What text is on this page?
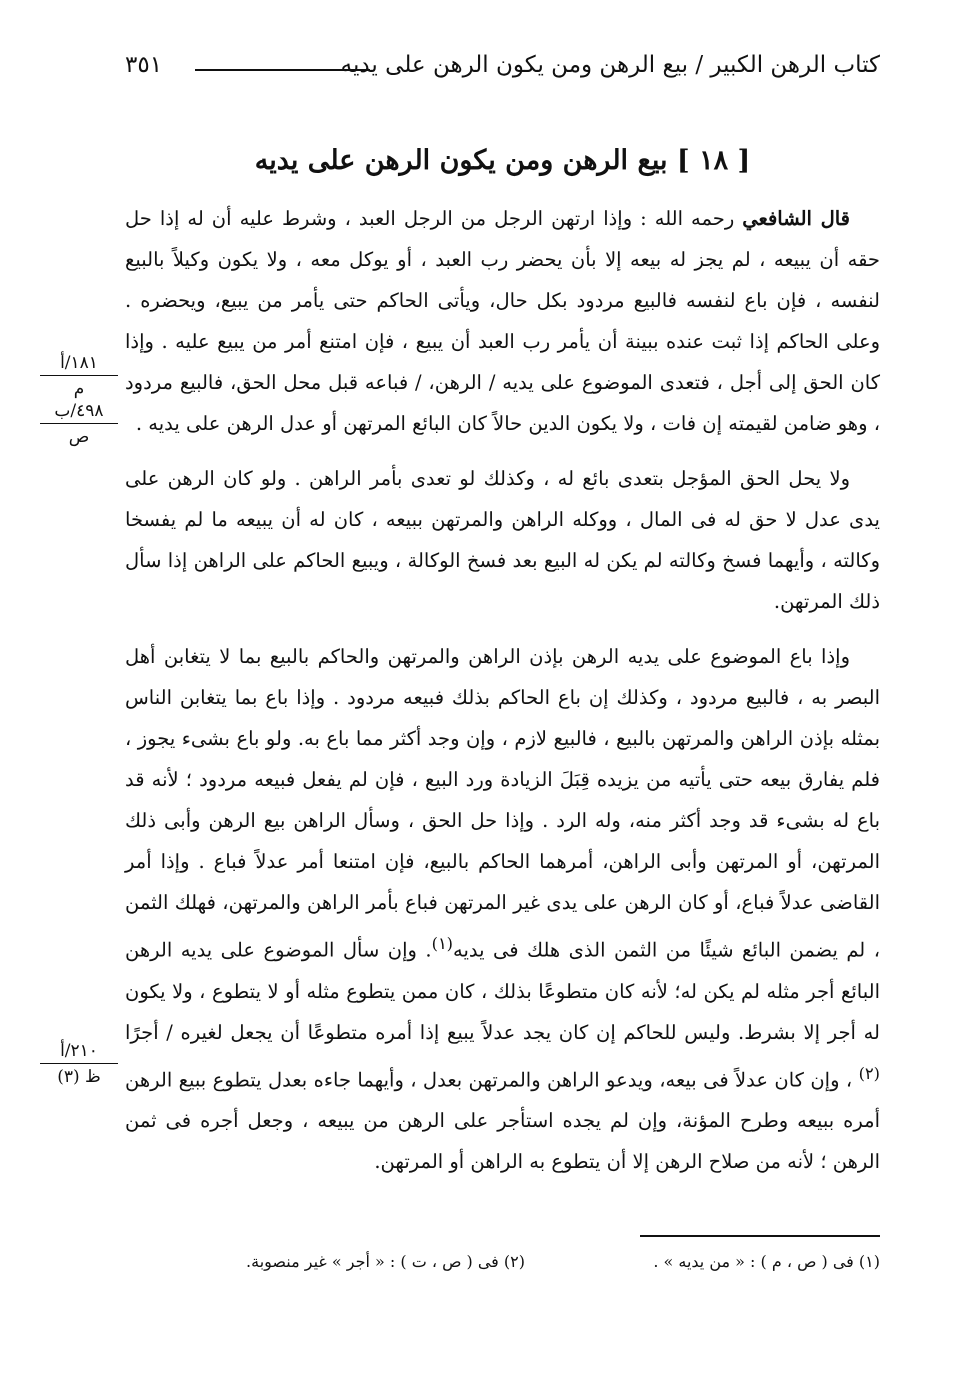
كتاب الرهن الكبير / بيع الرهن ومن يكون الرهن على يديه
٣٥١
[ ١٨ ] بيع الرهن ومن يكون الرهن على يديه

قال الشافعي رحمه الله : وإذا ارتهن الرجل من الرجل العبد ، وشرط عليه أن له إذا حل حقه أن يبيعه ، لم يجز له بيعه إلا بأن يحضر رب العبد ، أو يوكل معه ، ولا يكون وكيلاً بالبيع لنفسه ، فإن باع لنفسه فالبيع مردود بكل حال، ويأتى الحاكم حتى يأمر من يبيع، ويحضره . وعلى الحاكم إذا ثبت عنده ببينة أن يأمر رب العبد أن يبيع ، فإن امتنع أمر من يبيع عليه . وإذا كان الحق إلى أجل ، فتعدى الموضوع على يديه / الرهن، / فباعه قبل محل الحق، فالبيع مردود ، وهو ضامن لقيمته إن فات ، ولا يكون الدين حالاً كان البائع المرتهن أو عدل الرهن على يديه .

ولا يحل الحق المؤجل بتعدى بائع له ، وكذلك لو تعدى بأمر الراهن . ولو كان الرهن على يدى عدل لا حق له فى المال ، ووكله الراهن والمرتهن ببيعه ، كان له أن يبيعه ما لم يفسخا وكالته ، وأيهما فسخ وكالته لم يكن له البيع بعد فسخ الوكالة ، ويبيع الحاكم على الراهن إذا سأل ذلك المرتهن.

وإذا باع الموضوع على يديه الرهن بإذن الراهن والمرتهن والحاكم بالبيع بما لا يتغابن أهل البصر به ، فالبيع مردود ، وكذلك إن باع الحاكم بذلك فبيعه مردود . وإذا باع بما يتغابن الناس بمثله بإذن الراهن والمرتهن بالبيع ، فالبيع لازم ، وإن وجد أكثر مما باع به. ولو باع بشىء يجوز ، فلم يفارق بيعه حتى يأتيه من يزيده قِبَلَ الزيادة ورد البيع ، فإن لم يفعل فبيعه مردود ؛ لأنه قد باع له بشىء قد وجد أكثر منه، وله الرد . وإذا حل الحق ، وسأل الراهن بيع الرهن وأبى ذلك المرتهن، أو المرتهن وأبى الراهن، أمرهما الحاكم بالبيع، فإن امتنعا أمر عدلاً فباع . وإذا أمر القاضى عدلاً فباع، أو كان الرهن على يدى غير المرتهن فباع بأمر الراهن والمرتهن، فهلك الثمن ، لم يضمن البائع شيئًا من الثمن الذى هلك فى يديه$^{(١)}$. وإن سأل الموضوع على يديه الرهن البائع أجر مثله لم يكن له؛ لأنه كان متطوعًا بذلك ، كان ممن يتطوع مثله أو لا يتطوع ، ولا يكون له أجر إلا بشرط. وليس للحاكم إن كان يجد عدلاً يبيع إذا أمره متطوعًا أن يجعل لغيره / أجرًا $^{(٢)}$ ، وإن كان عدلاً فى بيعه، ويدعو الراهن والمرتهن بعدل ، وأيهما جاءه بعدل يتطوع ببيع الرهن أمره ببيعه وطرح المؤنة، وإن لم يجده استأجر على الرهن من يبيعه ، وجعل أجره فى ثمن الرهن ؛ لأنه من صلاح الرهن إلا أن يتطوع به الراهن أو المرتهن.

١٨١/أ
م
٤٩٨/ب
ص
٢١٠/أ
ظ (٣)
(١) فى ( ص ، م ) : « من يديه » .
(٢) فى ( ص ، ت ) : « أجر » غير منصوبة.
